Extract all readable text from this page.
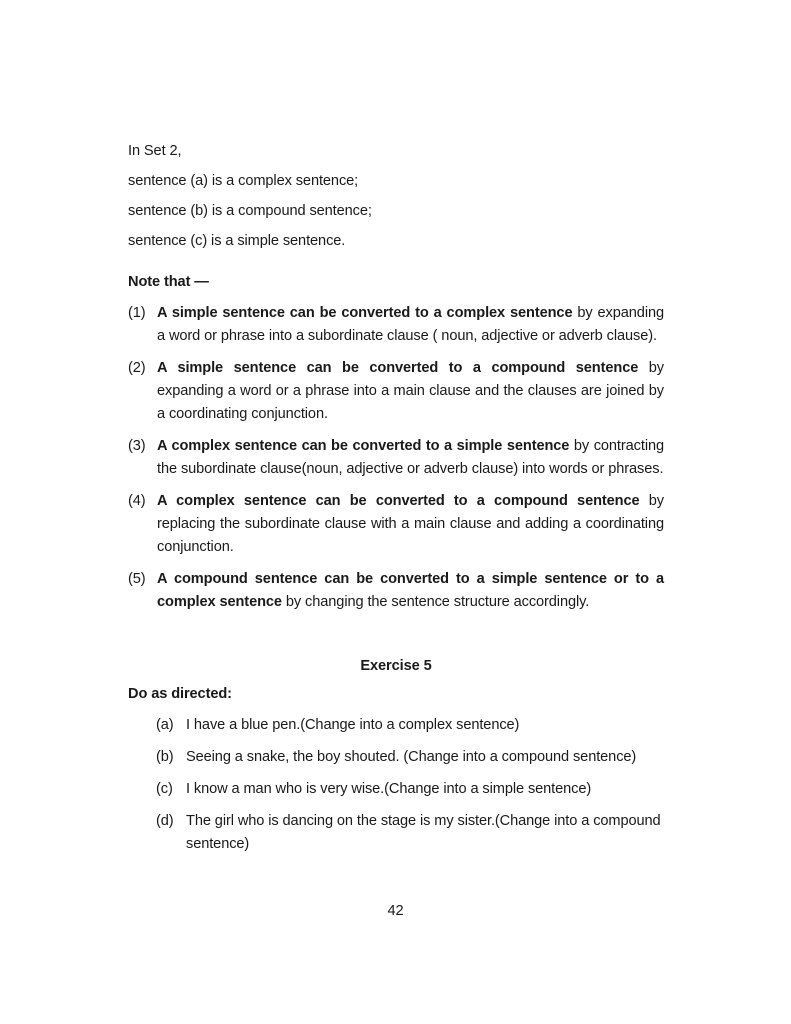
In Set 2,

sentence (a) is a complex sentence;

sentence (b) is a compound sentence;

sentence (c) is a simple sentence.

Note that —
(1) A simple sentence can be converted to a complex sentence by expanding a word or phrase into a subordinate clause ( noun, adjective or adverb clause).
(2) A simple sentence can be converted to a compound sentence by expanding a word or a phrase into a main clause and the clauses are joined by a coordinating conjunction.
(3) A complex sentence can be converted to a simple sentence by contracting the subordinate clause(noun, adjective or adverb clause) into words or phrases.
(4) A complex sentence can be converted to a compound sentence by replacing the subordinate clause with a main clause and adding a coordinating conjunction.
(5) A compound sentence can be converted to a simple sentence or to a complex sentence by changing the sentence structure accordingly.
Exercise 5
Do as directed:
(a) I have a blue pen.(Change into a complex sentence)
(b) Seeing a snake, the boy shouted. (Change into a compound sentence)
(c) I know a man who is very wise.(Change into a simple sentence)
(d) The girl who is dancing on the stage is my sister.(Change into a compound sentence)
42
